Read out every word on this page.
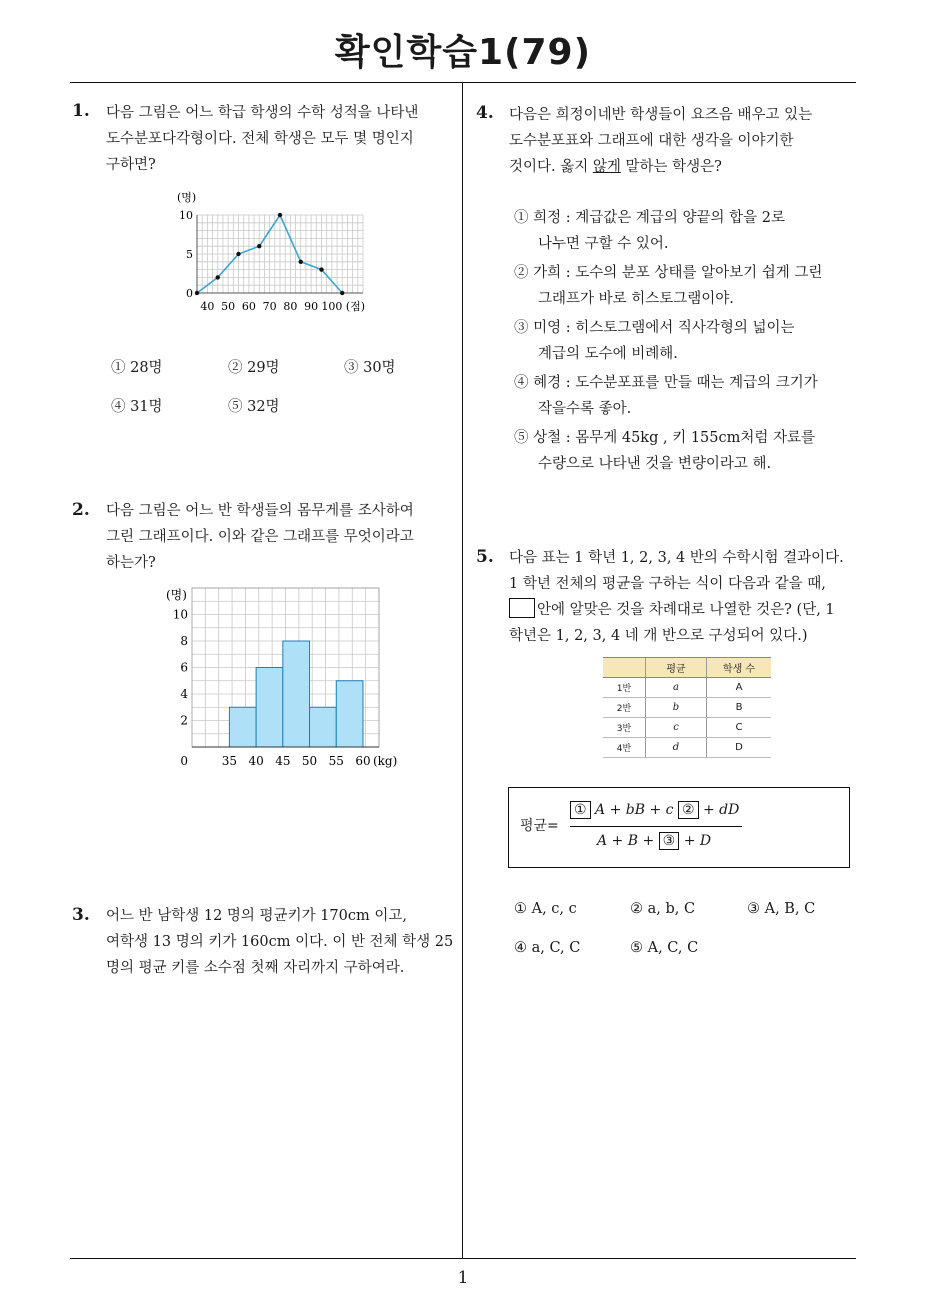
확인학습1(79)
1
1. 다음 그림은 어느 학급 학생의 수학 성적을 나타낸

도수분포다각형이다. 전체 학생은 모두 몇 명인지

구하면?

0
5
10
40 50 60 70 80 90 100
(명)
(점)
① 28명	② 29명	③ 30명
④ 31명	⑤ 32명
2. 다음 그림은 어느 반 학생들의 몸무게를 조사하여

그린 그래프이다. 이와 같은 그래프를 무엇이라고

하는가?

2
4
6
8
10
0	35 40 45 50 55 60
(명)
(kg)
3. 어느 반 남학생 12 명의 평균키가 170cm 이고,

여학생 13 명의 키가 160cm 이다. 이 반 전체 학생 25

명의 평균 키를 소수점 첫째 자리까지 구하여라.

4. 다음은 희정이네반 학생들이 요즈음 배우고 있는

도수분포표와 그래프에 대한 생각을 이야기한

것이다. 옳지 않게 말하는 학생은?

① 희정 : 계급값은 계급의 양끝의 합을 2로
나누면 구할 수 있어.
② 가희 : 도수의 분포 상태를 알아보기 쉽게 그린
그래프가 바로 히스토그램이야.
③ 미영 : 히스토그램에서 직사각형의 넓이는
계급의 도수에 비례해.
④ 혜경 : 도수분포표를 만들 때는 계급의 크기가
작을수록 좋아.
⑤ 상철 : 몸무게 45kg , 키 155cm처럼 자료를
수량으로 나타낸 것을 변량이라고 해.
5. 다음 표는 1 학년 1, 2, 3, 4 반의 수학시험 결과이다.

1 학년 전체의 평균을 구하는 식이 다음과 같을 때,

안에 알맞은 것을 차례대로 나열한 것은? (단, 1

학년은 1, 2, 3, 4 네 개 반으로 구성되어 있다.)

	평균	학생 수
1반	a	A
2반	b	B
3반	c	C
4반	d	D
평균=
① A + bB + c ② + dD
A + B + ③ + D
① A, c, c	② a, b, C	③ A, B, C
④ a, C, C	⑤ A, C, C
